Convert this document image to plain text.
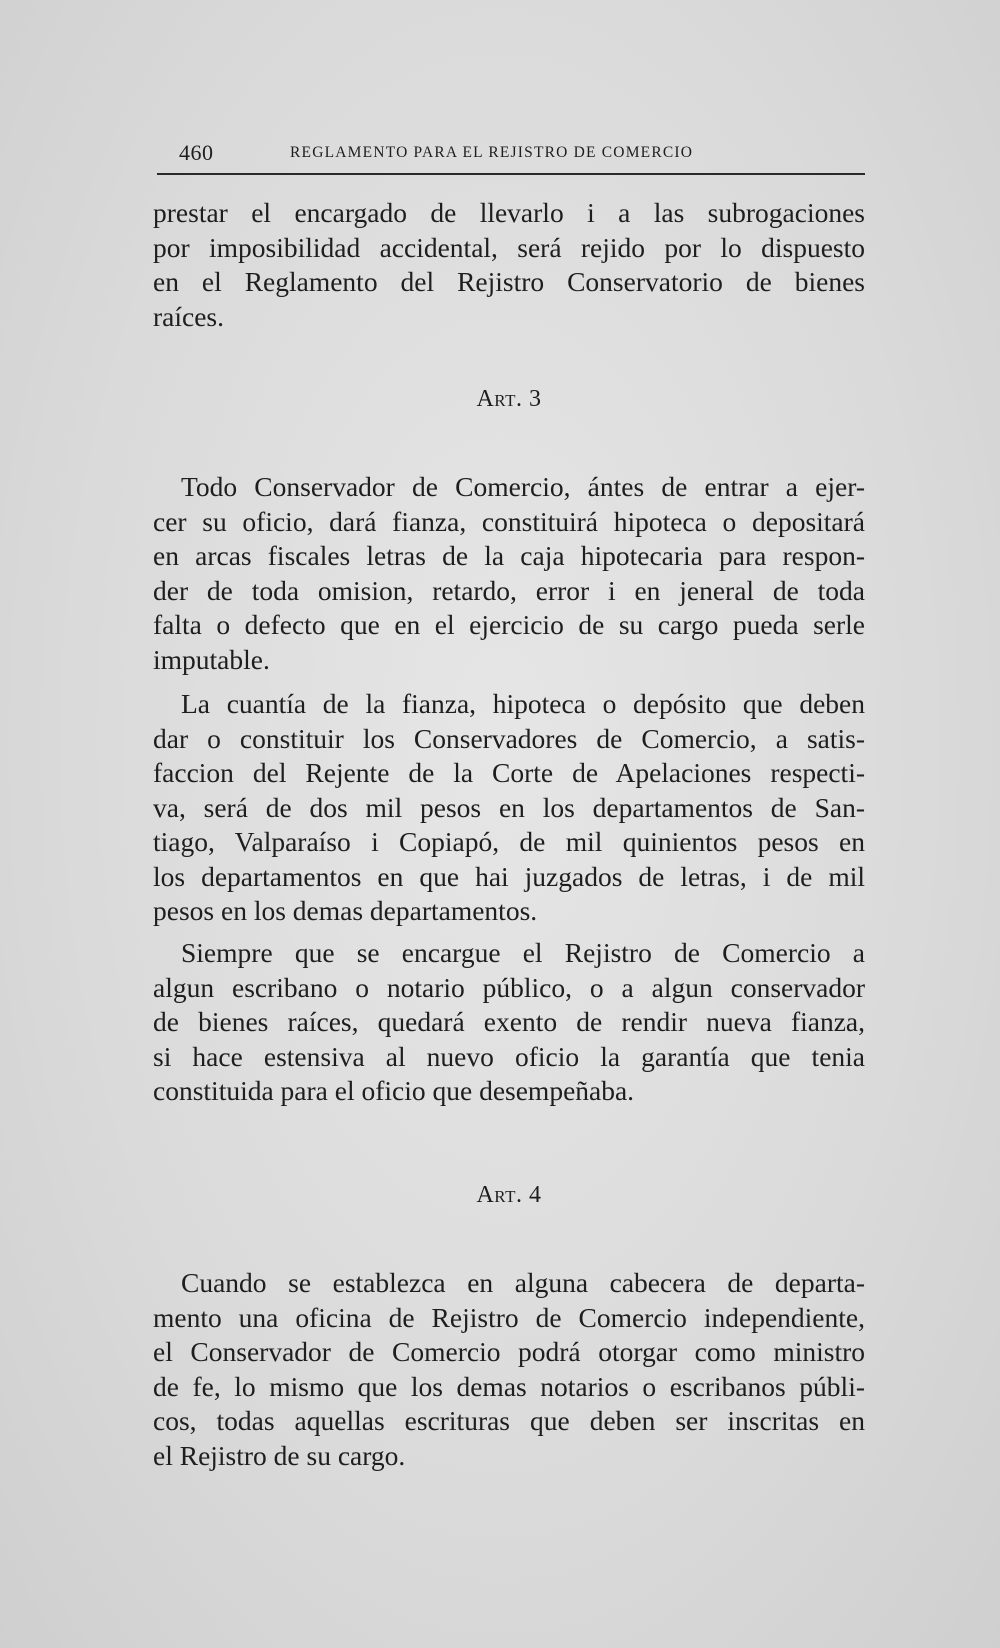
460	REGLAMENTO PARA EL REJISTRO DE COMERCIO
prestar el encargado de llevarlo i a las subrogaciones
por imposibilidad accidental, será rejido por lo dispuesto
en el Reglamento del Rejistro Conservatorio de bienes
raíces.
Art. 3
Todo Conservador de Comercio, ántes de entrar a ejer-
cer su oficio, dará fianza, constituirá hipoteca o depositará
en arcas fiscales letras de la caja hipotecaria para respon-
der de toda omision, retardo, error i en jeneral de toda
falta o defecto que en el ejercicio de su cargo pueda serle
imputable.
La cuantía de la fianza, hipoteca o depósito que deben
dar o constituir los Conservadores de Comercio, a satis-
faccion del Rejente de la Corte de Apelaciones respecti-
va, será de dos mil pesos en los departamentos de San-
tiago, Valparaíso i Copiapó, de mil quinientos pesos en
los departamentos en que hai juzgados de letras, i de mil
pesos en los demas departamentos.
Siempre que se encargue el Rejistro de Comercio a
algun escribano o notario público, o a algun conservador
de bienes raíces, quedará exento de rendir nueva fianza,
si hace estensiva al nuevo oficio la garantía que tenia
constituida para el oficio que desempeñaba.
Art. 4
Cuando se establezca en alguna cabecera de departa-
mento una oficina de Rejistro de Comercio independiente,
el Conservador de Comercio podrá otorgar como ministro
de fe, lo mismo que los demas notarios o escribanos públi-
cos, todas aquellas escrituras que deben ser inscritas en
el Rejistro de su cargo.
